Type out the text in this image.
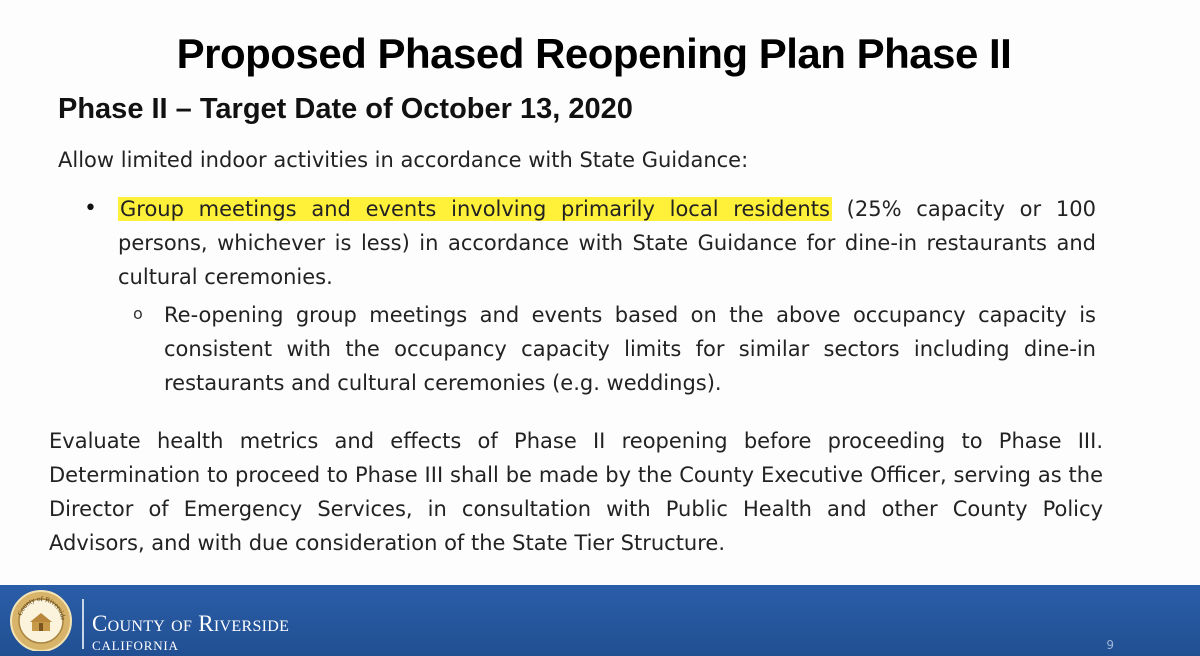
Proposed Phased Reopening Plan Phase II
Phase II – Target Date of October 13, 2020

Allow limited indoor activities in accordance with State Guidance:

• Group meetings and events involving primarily local residents (25% capacity or 100 persons, whichever is less) in accordance with State Guidance for dine-in restaurants and cultural ceremonies.
o Re-opening group meetings and events based on the above occupancy capacity is consistent with the occupancy capacity limits for similar sectors including dine-in restaurants and cultural ceremonies (e.g. weddings).

Evaluate health metrics and effects of Phase II reopening before proceeding to Phase III. Determination to proceed to Phase III shall be made by the County Executive Officer, serving as the Director of Emergency Services, in consultation with Public Health and other County Policy Advisors, and with due consideration of the State Tier Structure.

County of Riverside County of Riverside
CALIFORNIA	9
